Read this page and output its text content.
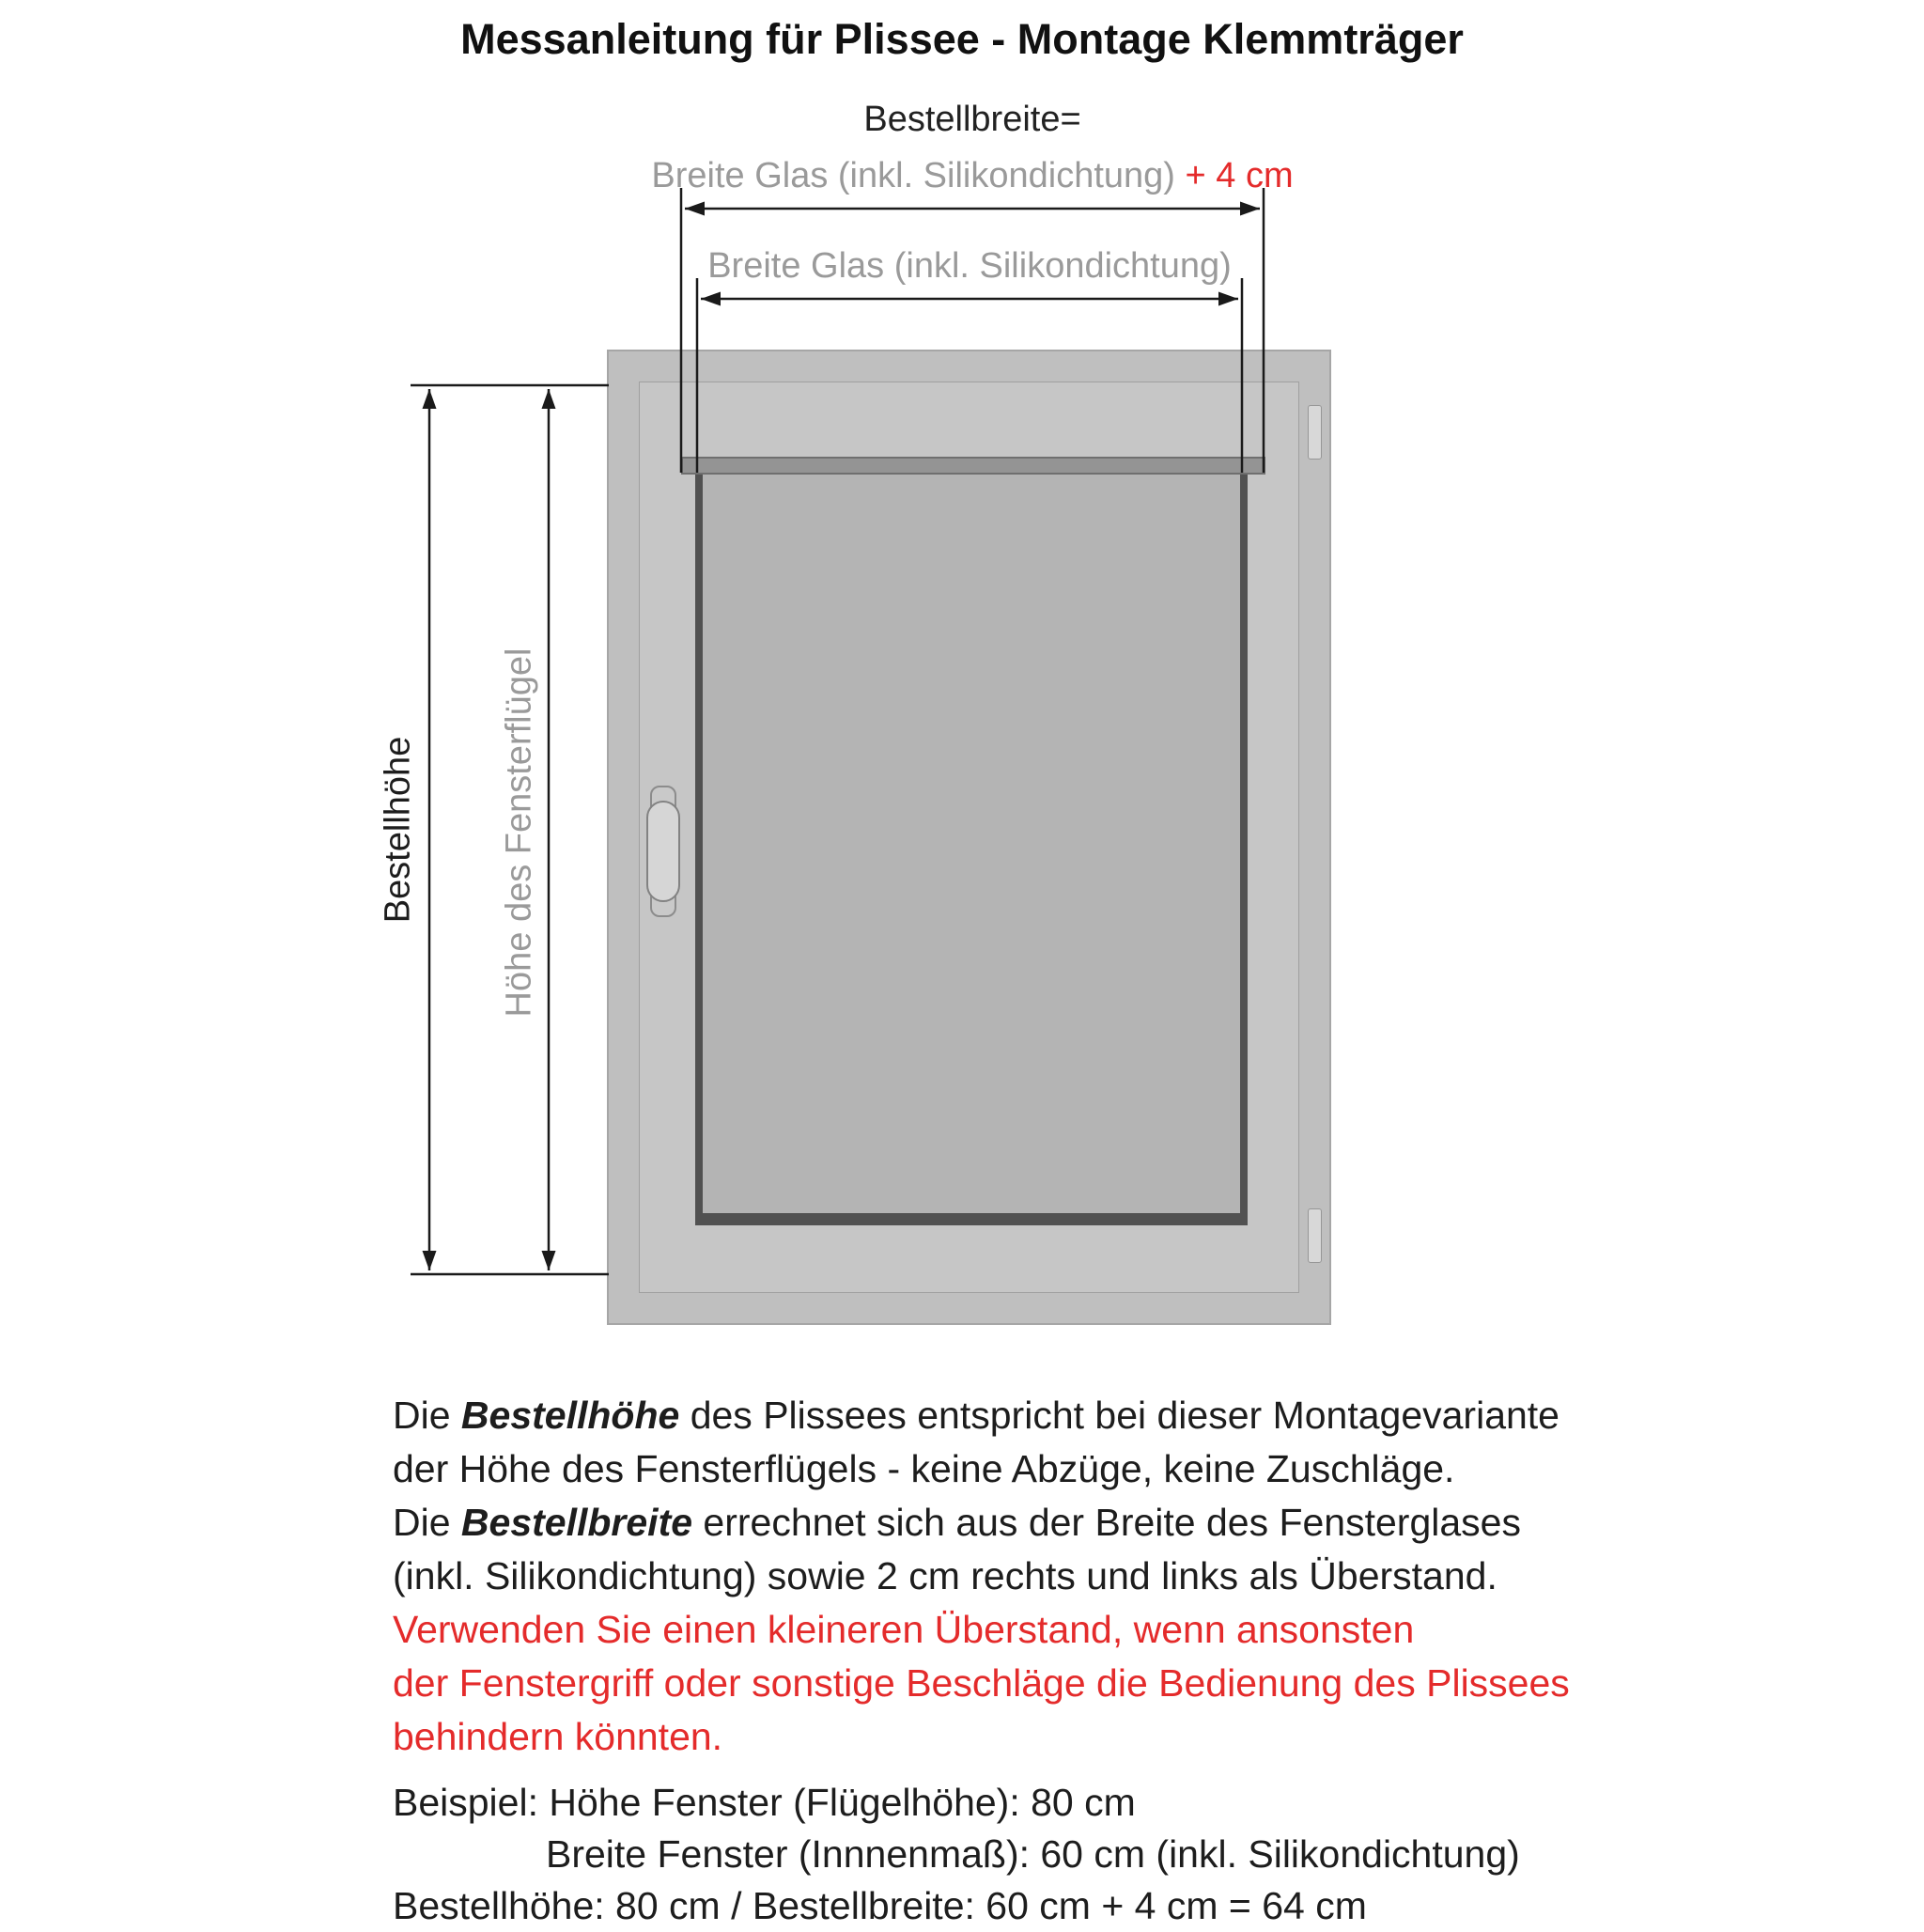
Messanleitung für Plissee - Montage Klemmträger
Bestellbreite=
Breite Glas (inkl. Silikondichtung) + 4 cm
Breite Glas (inkl. Silikondichtung)
Bestellhöhe Höhe des Fensterflügel
Die Bestellhöhe des Plissees entspricht bei dieser Montagevariante
der Höhe des Fensterflügels - keine Abzüge, keine Zuschläge.
Die Bestellbreite errechnet sich aus der Breite des Fensterglases
(inkl. Silikondichtung) sowie 2 cm rechts und links als Überstand.
Verwenden Sie einen kleineren Überstand, wenn ansonsten
der Fenstergriff oder sonstige Beschläge die Bedienung des Plissees
behindern könnten.
Beispiel: Höhe Fenster (Flügelhöhe): 80 cm
Breite Fenster (Innnenmaß): 60 cm (inkl. Silikondichtung)
Bestellhöhe: 80 cm / Bestellbreite: 60 cm + 4 cm = 64 cm
